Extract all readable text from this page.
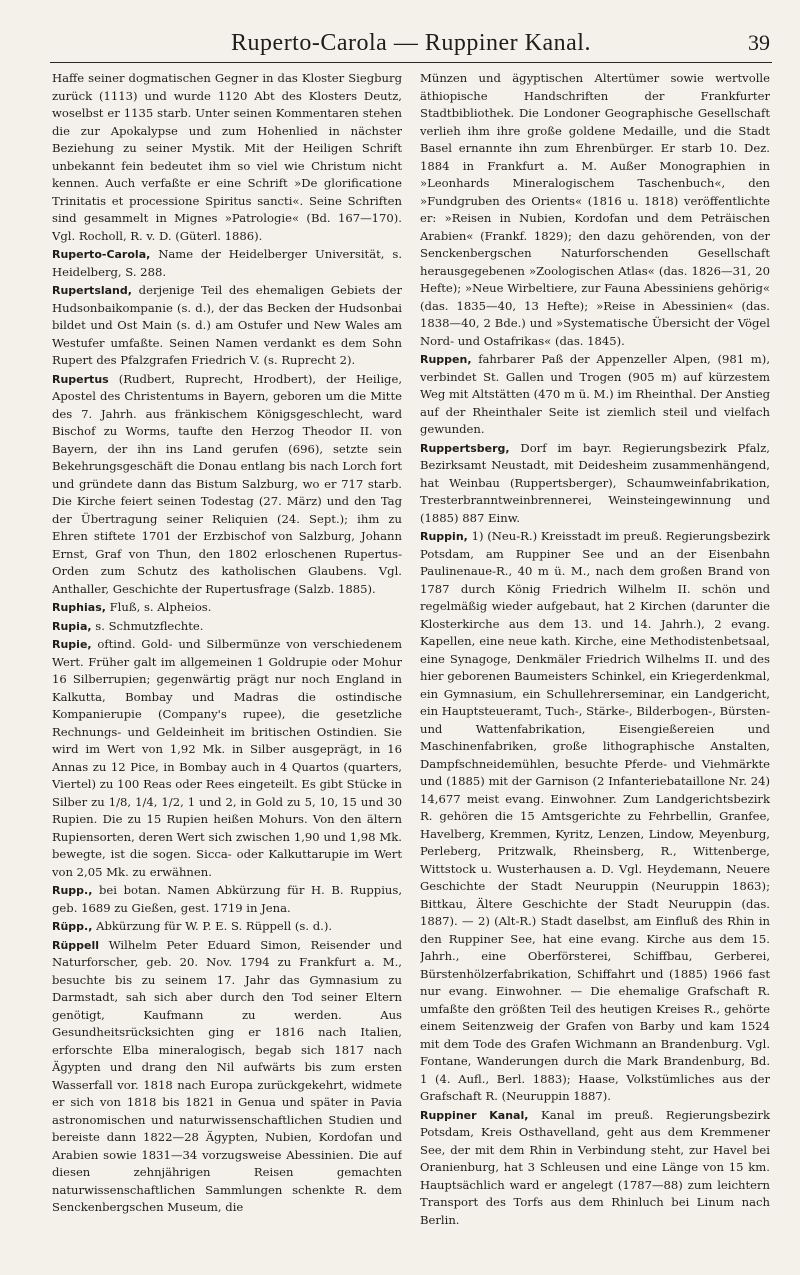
Ruperto-Carola — Ruppiner Kanal.	39

Haffe seiner dogmatischen Gegner in das Kloster Siegburg zurück (1113) und wurde 1120 Abt des Klosters Deutz, woselbst er 1135 starb. Unter seinen Kommentaren stehen die zur Apokalypse und zum Hohenlied in nächster Beziehung zu seiner Mystik. Mit der Heiligen Schrift unbekannt fein bedeutet ihm so viel wie Christum nicht kennen. Auch verfaßte er eine Schrift »De glorificatione Trinitatis et processione Spiritus sancti«. Seine Schriften sind gesammelt in Mignes »Patrologie« (Bd. 167—170). Vgl. Rocholl, R. v. D. (Güterl. 1886).

Ruperto-Carola, Name der Heidelberger Universität, s. Heidelberg, S. 288.

Rupertsland, derjenige Teil des ehemaligen Gebiets der Hudsonbaikompanie (s. d.), der das Becken der Hudsonbai bildet und Ost Main (s. d.) am Ostufer und New Wales am Westufer umfaßte. Seinen Namen verdankt es dem Sohn Rupert des Pfalzgrafen Friedrich V. (s. Ruprecht 2).

Rupertus (Rudbert, Ruprecht, Hrodbert), der Heilige, Apostel des Christentums in Bayern, geboren um die Mitte des 7. Jahrh. aus fränkischem Königsgeschlecht, ward Bischof zu Worms, taufte den Herzog Theodor II. von Bayern, der ihn ins Land gerufen (696), setzte sein Bekehrungsgeschäft die Donau entlang bis nach Lorch fort und gründete dann das Bistum Salzburg, wo er 717 starb. Die Kirche feiert seinen Todestag (27. März) und den Tag der Übertragung seiner Reliquien (24. Sept.); ihm zu Ehren stiftete 1701 der Erzbischof von Salzburg, Johann Ernst, Graf von Thun, den 1802 erloschenen Rupertus-Orden zum Schutz des katholischen Glaubens. Vgl. Anthaller, Geschichte der Rupertusfrage (Salzb. 1885).

Ruphias, Fluß, s. Alpheios.

Rupia, s. Schmutzflechte.

Rupie, oftind. Gold- und Silbermünze von verschiedenem Wert. Früher galt im allgemeinen 1 Goldrupie oder Mohur 16 Silberrupien; gegenwärtig prägt nur noch England in Kalkutta, Bombay und Madras die ostindische Kompanierupie (Company's rupee), die gesetzliche Rechnungs- und Geldeinheit im britischen Ostindien. Sie wird im Wert von 1,92 Mk. in Silber ausgeprägt, in 16 Annas zu 12 Pice, in Bombay auch in 4 Quartos (quarters, Viertel) zu 100 Reas oder Rees eingeteilt. Es gibt Stücke in Silber zu 1/8, 1/4, 1/2, 1 und 2, in Gold zu 5, 10, 15 und 30 Rupien. Die zu 15 Rupien heißen Mohurs. Von den ältern Rupiensorten, deren Wert sich zwischen 1,90 und 1,98 Mk. bewegte, ist die sogen. Sicca- oder Kalkuttarupie im Wert von 2,05 Mk. zu erwähnen.

Rupp., bei botan. Namen Abkürzung für H. B. Ruppius, geb. 1689 zu Gießen, gest. 1719 in Jena.

Rüpp., Abkürzung für W. P. E. S. Rüppell (s. d.).

Rüppell Wilhelm Peter Eduard Simon, Reisender und Naturforscher, geb. 20. Nov. 1794 zu Frankfurt a. M., besuchte bis zu seinem 17. Jahr das Gymnasium zu Darmstadt, sah sich aber durch den Tod seiner Eltern genötigt, Kaufmann zu werden. Aus Gesundheitsrücksichten ging er 1816 nach Italien, erforschte Elba mineralogisch, begab sich 1817 nach Ägypten und drang den Nil aufwärts bis zum ersten Wasserfall vor. 1818 nach Europa zurückgekehrt, widmete er sich von 1818 bis 1821 in Genua und später in Pavia astronomischen und naturwissenschaftlichen Studien und bereiste dann 1822—28 Ägypten, Nubien, Kordofan und Arabien sowie 1831—34 vorzugsweise Abessinien. Die auf diesen zehnjährigen Reisen gemachten naturwissenschaftlichen Sammlungen schenkte R. dem Senckenbergschen Museum, die

Münzen und ägyptischen Altertümer sowie wertvolle äthiopische Handschriften der Frankfurter Stadtbibliothek. Die Londoner Geographische Gesellschaft verlieh ihm ihre große goldene Medaille, und die Stadt Basel ernannte ihn zum Ehrenbürger. Er starb 10. Dez. 1884 in Frankfurt a. M. Außer Monographien in »Leonhards Mineralogischem Taschenbuch«, den »Fundgruben des Orients« (1816 u. 1818) veröffentlichte er: »Reisen in Nubien, Kordofan und dem Peträischen Arabien« (Frankf. 1829); den dazu gehörenden, von der Senckenbergschen Naturforschenden Gesellschaft herausgegebenen »Zoologischen Atlas« (das. 1826—31, 20 Hefte); »Neue Wirbeltiere, zur Fauna Abessiniens gehörig« (das. 1835—40, 13 Hefte); »Reise in Abessinien« (das. 1838—40, 2 Bde.) und »Systematische Übersicht der Vögel Nord- und Ostafrikas« (das. 1845).

Ruppen, fahrbarer Paß der Appenzeller Alpen, (981 m), verbindet St. Gallen und Trogen (905 m) auf kürzestem Weg mit Altstätten (470 m ü. M.) im Rheinthal. Der Anstieg auf der Rheinthaler Seite ist ziemlich steil und vielfach gewunden.

Ruppertsberg, Dorf im bayr. Regierungsbezirk Pfalz, Bezirksamt Neustadt, mit Deidesheim zusammenhängend, hat Weinbau (Ruppertsberger), Schaumweinfabrikation, Tresterbranntweinbrennerei, Weinsteingewinnung und (1885) 887 Einw.

Ruppin, 1) (Neu-R.) Kreisstadt im preuß. Regierungsbezirk Potsdam, am Ruppiner See und an der Eisenbahn Paulinenaue-R., 40 m ü. M., nach dem großen Brand von 1787 durch König Friedrich Wilhelm II. schön und regelmäßig wieder aufgebaut, hat 2 Kirchen (darunter die Klosterkirche aus dem 13. und 14. Jahrh.), 2 evang. Kapellen, eine neue kath. Kirche, eine Methodistenbetsaal, eine Synagoge, Denkmäler Friedrich Wilhelms II. und des hier geborenen Baumeisters Schinkel, ein Kriegerdenkmal, ein Gymnasium, ein Schullehrerseminar, ein Landgericht, ein Hauptsteueramt, Tuch-, Stärke-, Bilderbogen-, Bürsten- und Wattenfabrikation, Eisengießereien und Maschinenfabriken, große lithographische Anstalten, Dampfschneidemühlen, besuchte Pferde- und Viehmärkte und (1885) mit der Garnison (2 Infanteriebataillone Nr. 24) 14,677 meist evang. Einwohner. Zum Landgerichtsbezirk R. gehören die 15 Amtsgerichte zu Fehrbellin, Granfee, Havelberg, Kremmen, Kyritz, Lenzen, Lindow, Meyenburg, Perleberg, Pritzwalk, Rheinsberg, R., Wittenberge, Wittstock u. Wusterhausen a. D. Vgl. Heydemann, Neuere Geschichte der Stadt Neuruppin (Neuruppin 1863); Bittkau, Ältere Geschichte der Stadt Neuruppin (das. 1887). — 2) (Alt-R.) Stadt daselbst, am Einfluß des Rhin in den Ruppiner See, hat eine evang. Kirche aus dem 15. Jahrh., eine Oberförsterei, Schiffbau, Gerberei, Bürstenhölzerfabrikation, Schiffahrt und (1885) 1966 fast nur evang. Einwohner. — Die ehemalige Grafschaft R. umfaßte den größten Teil des heutigen Kreises R., gehörte einem Seitenzweig der Grafen von Barby und kam 1524 mit dem Tode des Grafen Wichmann an Brandenburg. Vgl. Fontane, Wanderungen durch die Mark Brandenburg, Bd. 1 (4. Aufl., Berl. 1883); Haase, Volkstümliches aus der Grafschaft R. (Neuruppin 1887).

Ruppiner Kanal, Kanal im preuß. Regierungsbezirk Potsdam, Kreis Osthavelland, geht aus dem Kremmener See, der mit dem Rhin in Verbindung steht, zur Havel bei Oranienburg, hat 3 Schleusen und eine Länge von 15 km. Hauptsächlich ward er angelegt (1787—88) zum leichtern Transport des Torfs aus dem Rhinluch bei Linum nach Berlin.
